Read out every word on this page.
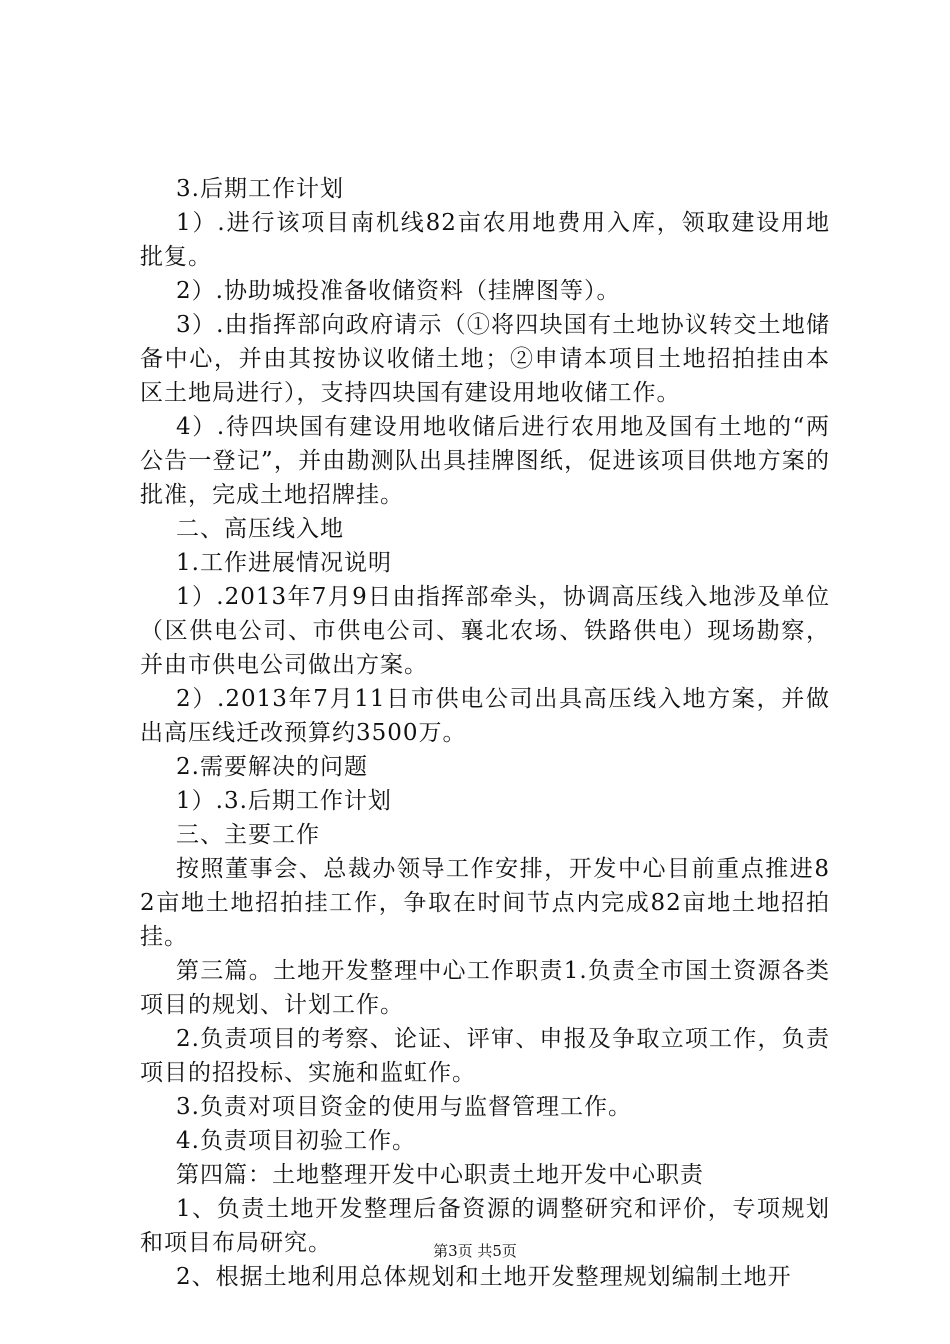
3.后期工作计划

1）.进行该项目南机线82亩农用地费用入库，领取建设用地批复。

2）.协助城投准备收储资料（挂牌图等）。

3）.由指挥部向政府请示（①将四块国有土地协议转交土地储备中心，并由其按协议收储土地；②申请本项目土地招拍挂由本区土地局进行），支持四块国有建设用地收储工作。

4）.待四块国有建设用地收储后进行农用地及国有土地的“两公告一登记”，并由勘测队出具挂牌图纸，促进该项目供地方案的批准，完成土地招牌挂。

二、高压线入地

1.工作进展情况说明

1）.2013年7月9日由指挥部牵头，协调高压线入地涉及单位（区供电公司、市供电公司、襄北农场、铁路供电）现场勘察，并由市供电公司做出方案。

2）.2013年7月11日市供电公司出具高压线入地方案，并做出高压线迁改预算约3500万。

2.需要解决的问题

1）.3.后期工作计划

三、主要工作

按照董事会、总裁办领导工作安排，开发中心目前重点推进82亩地土地招拍挂工作，争取在时间节点内完成82亩地土地招拍挂。

第三篇。土地开发整理中心工作职责1.负责全市国土资源各类项目的规划、计划工作。

2.负责项目的考察、论证、评审、申报及争取立项工作，负责项目的招投标、实施和监虹作。

3.负责对项目资金的使用与监督管理工作。

4.负责项目初验工作。

第四篇：土地整理开发中心职责土地开发中心职责

1、负责土地开发整理后备资源的调整研究和评价，专项规划和项目布局研究。

2、根据土地利用总体规划和土地开发整理规划编制土地开

第3页 共5页
